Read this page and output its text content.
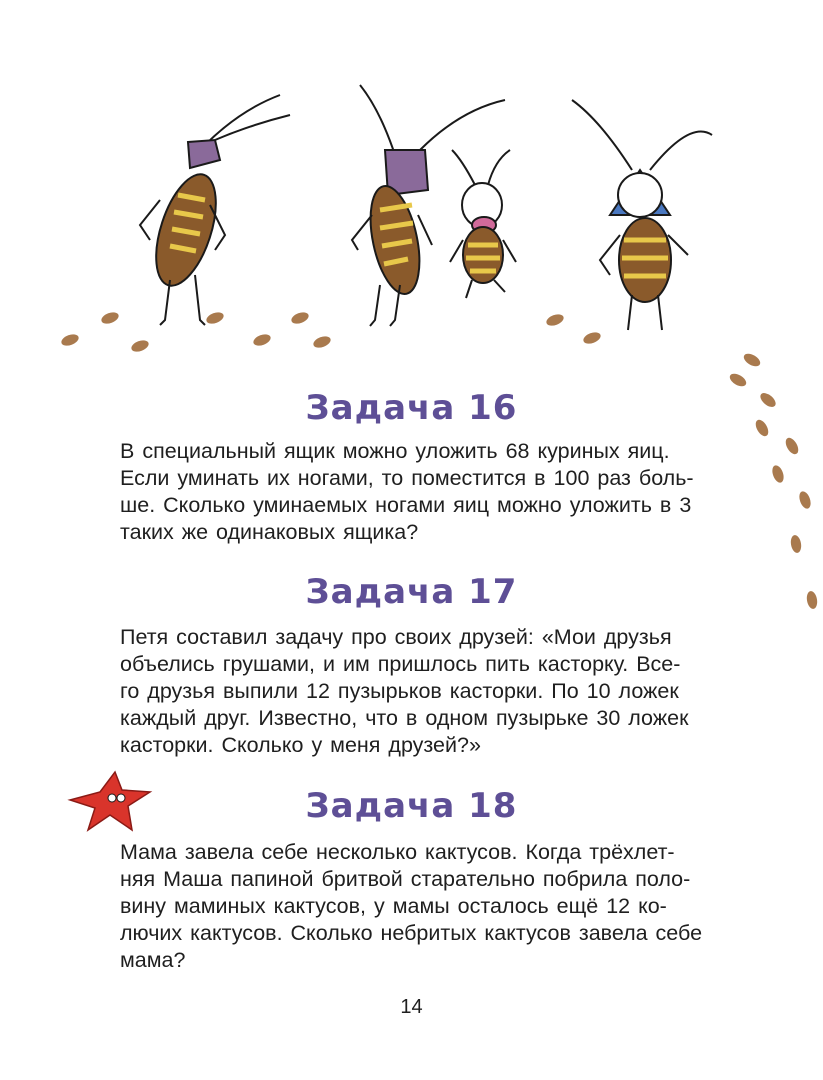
Задача 16
В специальный ящик можно уложить 68 куриных яиц.
Если уминать их ногами, то поместится в 100 раз боль-
ше. Сколько уминаемых ногами яиц можно уложить в 3
таких же одинаковых ящика?
Задача 17
Петя составил задачу про своих друзей: «Мои друзья
объелись грушами, и им пришлось пить касторку. Все-
го друзья выпили 12 пузырьков касторки. По 10 ложек
каждый друг. Известно, что в одном пузырьке 30 ложек
касторки. Сколько у меня друзей?»
Задача 18
Мама завела себе несколько кактусов. Когда трёхлет-
няя Маша папиной бритвой старательно побрила поло-
вину маминых кактусов, у мамы осталось ещё 12 ко-
лючих кактусов. Сколько небритых кактусов завела себе
мама?
14
